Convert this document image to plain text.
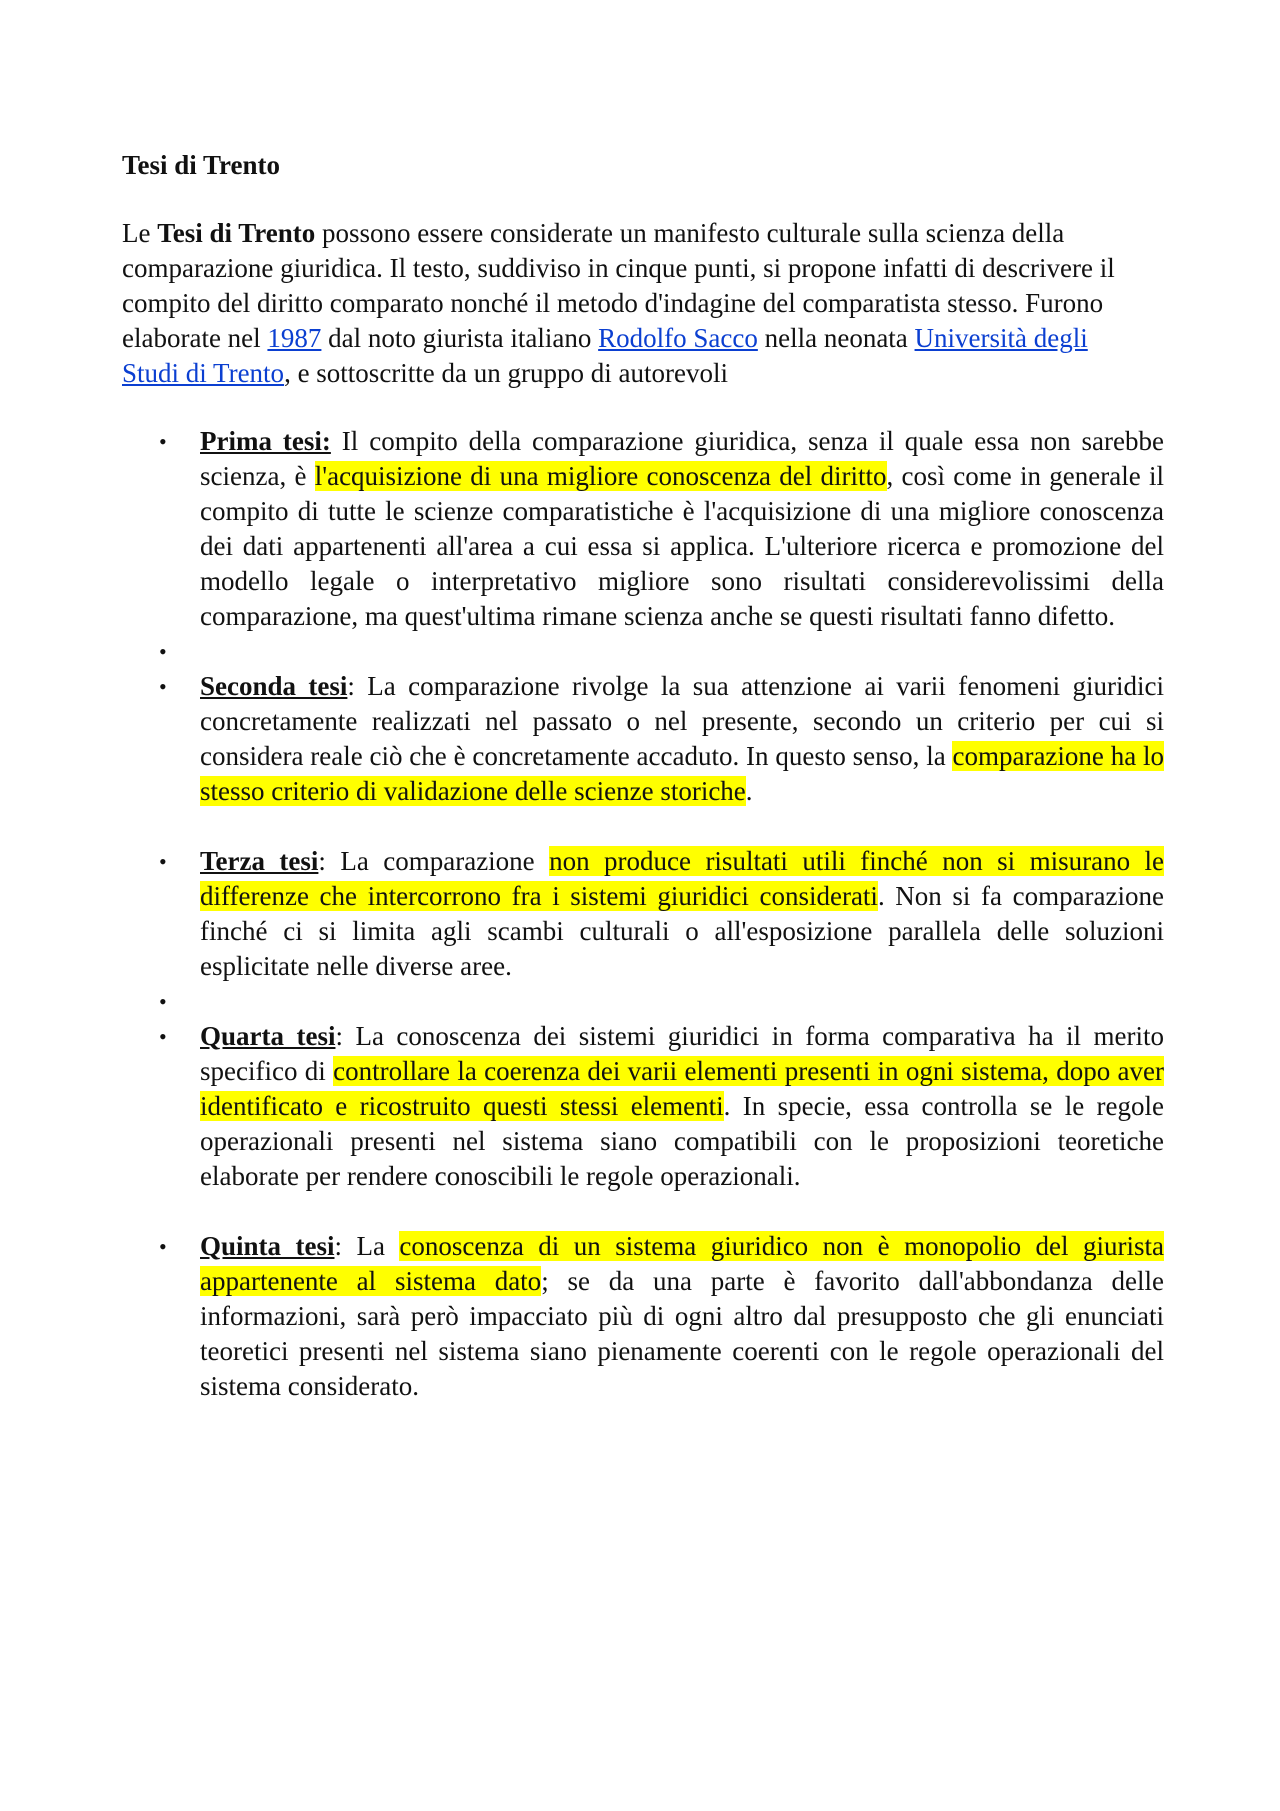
Tesi di Trento

Le Tesi di Trento possono essere considerate un manifesto culturale sulla scienza della comparazione giuridica. Il testo, suddiviso in cinque punti, si propone infatti di descrivere il compito del diritto comparato nonché il metodo d'indagine del comparatista stesso. Furono elaborate nel 1987 dal noto giurista italiano Rodolfo Sacco nella neonata Università degli Studi di Trento, e sottoscritte da un gruppo di autorevoli

• Prima tesi: Il compito della comparazione giuridica, senza il quale essa non sarebbe scienza, è l'acquisizione di una migliore conoscenza del diritto, così come in generale il compito di tutte le scienze comparatistiche è l'acquisizione di una migliore conoscenza dei dati appartenenti all'area a cui essa si applica. L'ulteriore ricerca e promozione del modello legale o interpretativo migliore sono risultati considerevolissimi della comparazione, ma quest'ultima rimane scienza anche se questi risultati fanno difetto.
•
• Seconda tesi: La comparazione rivolge la sua attenzione ai varii fenomeni giuridici concretamente realizzati nel passato o nel presente, secondo un criterio per cui si considera reale ciò che è concretamente accaduto. In questo senso, la comparazione ha lo stesso criterio di validazione delle scienze storiche.
• Terza tesi: La comparazione non produce risultati utili finché non si misurano le differenze che intercorrono fra i sistemi giuridici considerati. Non si fa comparazione finché ci si limita agli scambi culturali o all'esposizione parallela delle soluzioni esplicitate nelle diverse aree.
•
• Quarta tesi: La conoscenza dei sistemi giuridici in forma comparativa ha il merito specifico di controllare la coerenza dei varii elementi presenti in ogni sistema, dopo aver identificato e ricostruito questi stessi elementi. In specie, essa controlla se le regole operazionali presenti nel sistema siano compatibili con le proposizioni teoretiche elaborate per rendere conoscibili le regole operazionali.
• Quinta tesi: La conoscenza di un sistema giuridico non è monopolio del giurista appartenente al sistema dato; se da una parte è favorito dall'abbondanza delle informazioni, sarà però impacciato più di ogni altro dal presupposto che gli enunciati teoretici presenti nel sistema siano pienamente coerenti con le regole operazionali del sistema considerato.
